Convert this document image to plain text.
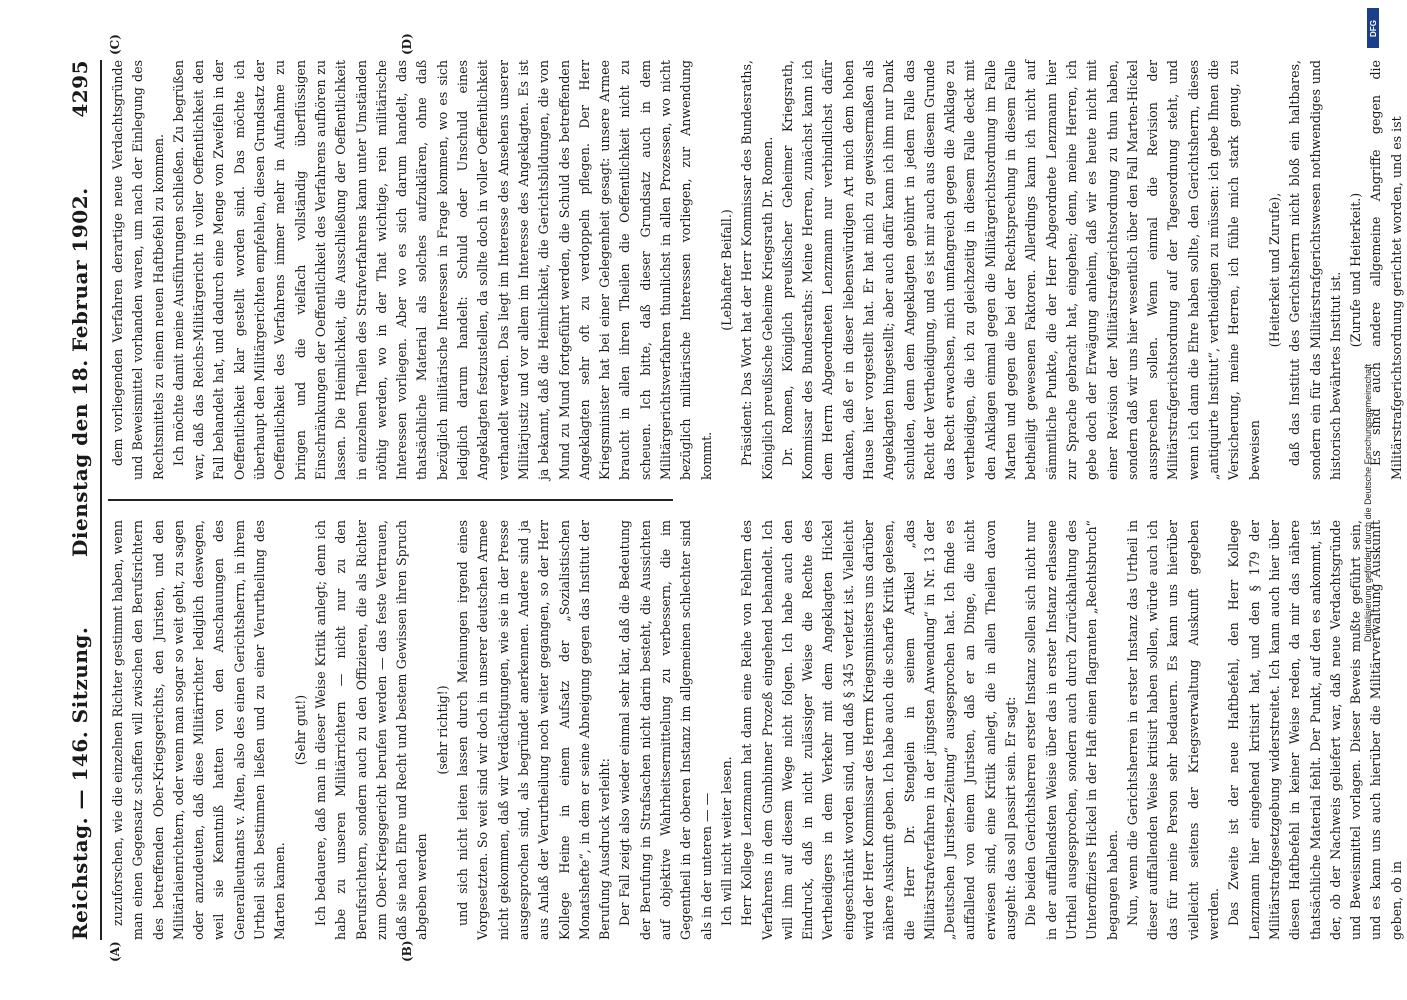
Reichstag. — 146. Sitzung.
Dienstag den 18. Februar 1902.
4295
(A)	(B)
(C)	(D)

zuzuforschen, wie die einzelnen Richter gestimmt haben, wenn man einen Gegensatz schaffen will zwischen den Berufsrichtern des betreffenden Ober-Kriegsgerichts, den Juristen, und den Militärlaienrichtern, oder wenn man sogar so weit geht, zu sagen oder anzudeuten, daß diese Militärrichter lediglich deswegen, weil sie Kenntniß hatten von den Anschauungen des Generalleutnants v. Alten, also des einen Gerichtsherrn, in ihrem Urtheil sich bestimmen ließen und zu einer Verurtheilung des Marten kamen.

(Sehr gut!) Ich bedauere, daß man in dieser Weise Kritik anlegt; denn ich habe zu unseren Militärrichtern — nicht nur zu den Berufsrichtern, sondern auch zu den Offizieren, die als Richter zum Ober-Kriegsgericht berufen werden — das feste Vertrauen, daß sie nach Ehre und Recht und bestem Gewissen ihren Spruch abgeben werden

(sehr richtig!) und sich nicht leiten lassen durch Meinungen irgend eines Vorgesetzten. So weit sind wir doch in unserer deutschen Armee nicht gekommen, daß wir Verdächtigungen, wie sie in der Presse ausgesprochen sind, als begründet anerkennen. Andere sind ja aus Anlaß der Verurtheilung noch weiter gegangen, so der Herr Kollege Heine in einem Aufsatz der „Sozialistischen Monatshefte“, in dem er seine Abneigung gegen das Institut der Berufung Ausdruck verleiht: Der Fall zeigt also wieder einmal sehr klar, daß die Bedeutung der Berufung in Strafsachen nicht darin besteht, die Aussichten auf objektive Wahrheitsermittelung zu verbessern, die im Gegentheil in der oberen Instanz im allgemeinen schlechter sind als in der unteren — — Ich will nicht weiter lesen. Herr Kollege Lenzmann hat dann eine Reihe von Fehlern des Verfahrens in dem Gumbinner Prozeß eingehend behandelt. Ich will ihm auf diesem Wege nicht folgen. Ich habe auch den Eindruck, daß in nicht zulässiger Weise die Rechte des Vertheidigers in dem Verkehr mit dem Angeklagten Hickel eingeschränkt worden sind, und daß § 345 verletzt ist. Vielleicht wird der Herr Kommissar des Herrn Kriegsministers uns darüber nähere Auskunft geben. Ich habe auch die scharfe Kritik gelesen, die Herr Dr. Stenglein in seinem Artikel „das Militärstrafverfahren in der jüngsten Anwendung“ in Nr. 13 der „Deutschen Juristen-Zeitung“ ausgesprochen hat. Ich finde es auffallend von einem Juristen, daß er an Dinge, die nicht erwiesen sind, eine Kritik anlegt, die in allen Theilen davon ausgeht: das soll passirt sein. Er sagt: Die beiden Gerichtsherren erster Instanz sollen sich nicht nur in der auffallendsten Weise über das in erster Instanz erlassene Urtheil ausgesprochen, sondern auch durch Zurückhaltung des Unteroffiziers Hickel in der Haft einen flagranten „Rechtsbruch“ begangen haben. Nun, wenn die Gerichtsherren in erster Instanz das Urtheil in dieser auffallenden Weise kritisirt haben sollen, würde auch ich das für meine Person sehr bedauern. Es kann uns hierüber vielleicht seitens der Kriegsverwaltung Auskunft gegeben werden. Das Zweite ist der neue Haftbefehl, den Herr Kollege Lenzmann hier eingehend kritisirt hat, und den § 179 der Militärstrafgesetzgebung widerstreitet. Ich kann auch hier über diesen Haftbefehl in keiner Weise reden, da mir das nähere thatsächliche Material fehlt. Der Punkt, auf den es ankommt, ist der, ob der Nachweis geliefert war, daß neue Verdachtsgründe und Beweismittel vorlagen. Dieser Beweis mußte geführt sein, und es kann uns auch hierüber die Militärverwaltung Auskunft geben, ob in

dem vorliegenden Verfahren derartige neue Verdachtsgründe und Beweismittel vorhanden waren, um nach der Einlegung des Rechtsmittels zu einem neuen Haftbefehl zu kommen. Ich möchte damit meine Ausführungen schließen. Zu begrüßen war, daß das Reichs-Militärgericht in voller Oeffentlichkeit den Fall behandelt hat, und dadurch eine Menge von Zweifeln in der Oeffentlichkeit klar gestellt worden sind. Das möchte ich überhaupt den Militärgerichten empfehlen, diesen Grundsatz der Oeffentlichkeit des Verfahrens immer mehr in Aufnahme zu bringen und die vielfach vollständig überflüssigen Einschränkungen der Oeffentlichkeit des Verfahrens aufhören zu lassen. Die Heimlichkeit, die Ausschließung der Oeffentlichkeit in einzelnen Theilen des Strafverfahrens kann unter Umständen nöthig werden, wo in der That wichtige, rein militärische Interessen vorliegen. Aber wo es sich darum handelt, das thatsächliche Material als solches aufzuklären, ohne daß bezüglich militärische Interessen in Frage kommen, wo es sich lediglich darum handelt: Schuld oder Unschuld eines Angeklagten festzustellen, da sollte doch in voller Oeffentlichkeit verhandelt werden. Das liegt im Interesse des Ansehens unserer Militärjustiz und vor allem im Interesse des Angeklagten. Es ist ja bekannt, daß die Heimlichkeit, die Gerichtsbildungen, die von Mund zu Mund fortgeführt werden, die Schuld des betreffenden Angeklagten sehr oft zu verdoppeln pflegen. Der Herr Kriegsminister hat bei einer Gelegenheit gesagt: unsere Armee braucht in allen ihren Theilen die Oeffentlichkeit nicht zu scheuen. Ich bitte, daß dieser Grundsatz auch in dem Militärgerichtsverfahren thunlichst in allen Prozessen, wo nicht bezüglich militärische Interessen vorliegen, zur Anwendung kommt.

(Lebhafter Beifall.) Präsident: Das Wort hat der Herr Kommissar des Bundesraths, Königlich preußische Geheime Kriegsrath Dr. Romen. Dr. Romen, Königlich preußischer Geheimer Kriegsrath, Kommissar des Bundesraths: Meine Herren, zunächst kann ich dem Herrn Abgeordneten Lenzmann nur verbindlichst dafür danken, daß er in dieser liebenswürdigen Art mich dem hohen Hause hier vorgestellt hat. Er hat mich zu gewissermaßen als Angeklagten hingestellt; aber auch dafür kann ich ihm nur Dank schulden, denn dem Angeklagten gebührt in jedem Falle das Recht der Vertheidigung, und es ist mir auch aus diesem Grunde das Recht erwachsen, mich umfangreich gegen die Anklage zu vertheidigen, die ich zu gleichzeitig in diesem Falle deckt mit den Anklagen einmal gegen die Militärgerichtsordnung im Falle Marten und gegen die bei der Rechtsprechung in diesem Falle betheiligt gewesenen Faktoren. Allerdings kann ich nicht auf sämmtliche Punkte, die der Herr Abgeordnete Lenzmann hier zur Sprache gebracht hat, eingehen; denn, meine Herren, ich gebe doch der Erwägung anheim, daß wir es heute nicht mit einer Revision der Militärstrafgerichtsordnung zu thun haben, sondern daß wir uns hier wesentlich über den Fall Marten-Hickel aussprechen sollen. Wenn einmal die Revision der Militärstrafgerichtsordnung auf der Tagesordnung steht, und wenn ich dann die Ehre haben sollte, den Gerichtsherrn, dieses „antiquirte Institut“, vertheidigen zu müssen: ich gebe Ihnen die Versicherung, meine Herren, ich fühle mich stark genug, zu beweisen

(Heiterkeit und Zurufe), daß das Institut des Gerichtsherrn nicht bloß ein haltbares, sondern ein für das Militärstrafgerichtswesen nothwendiges und historisch bewährtes Institut ist.

(Zurufe und Heiterkeit.) Es sind auch andere allgemeine Angriffe gegen die Militärstrafgerichtsordnung gerichtet worden, und es ist

DFG
Digitalisierung gefördert durch die Deutsche Forschungsgemeinschaft
